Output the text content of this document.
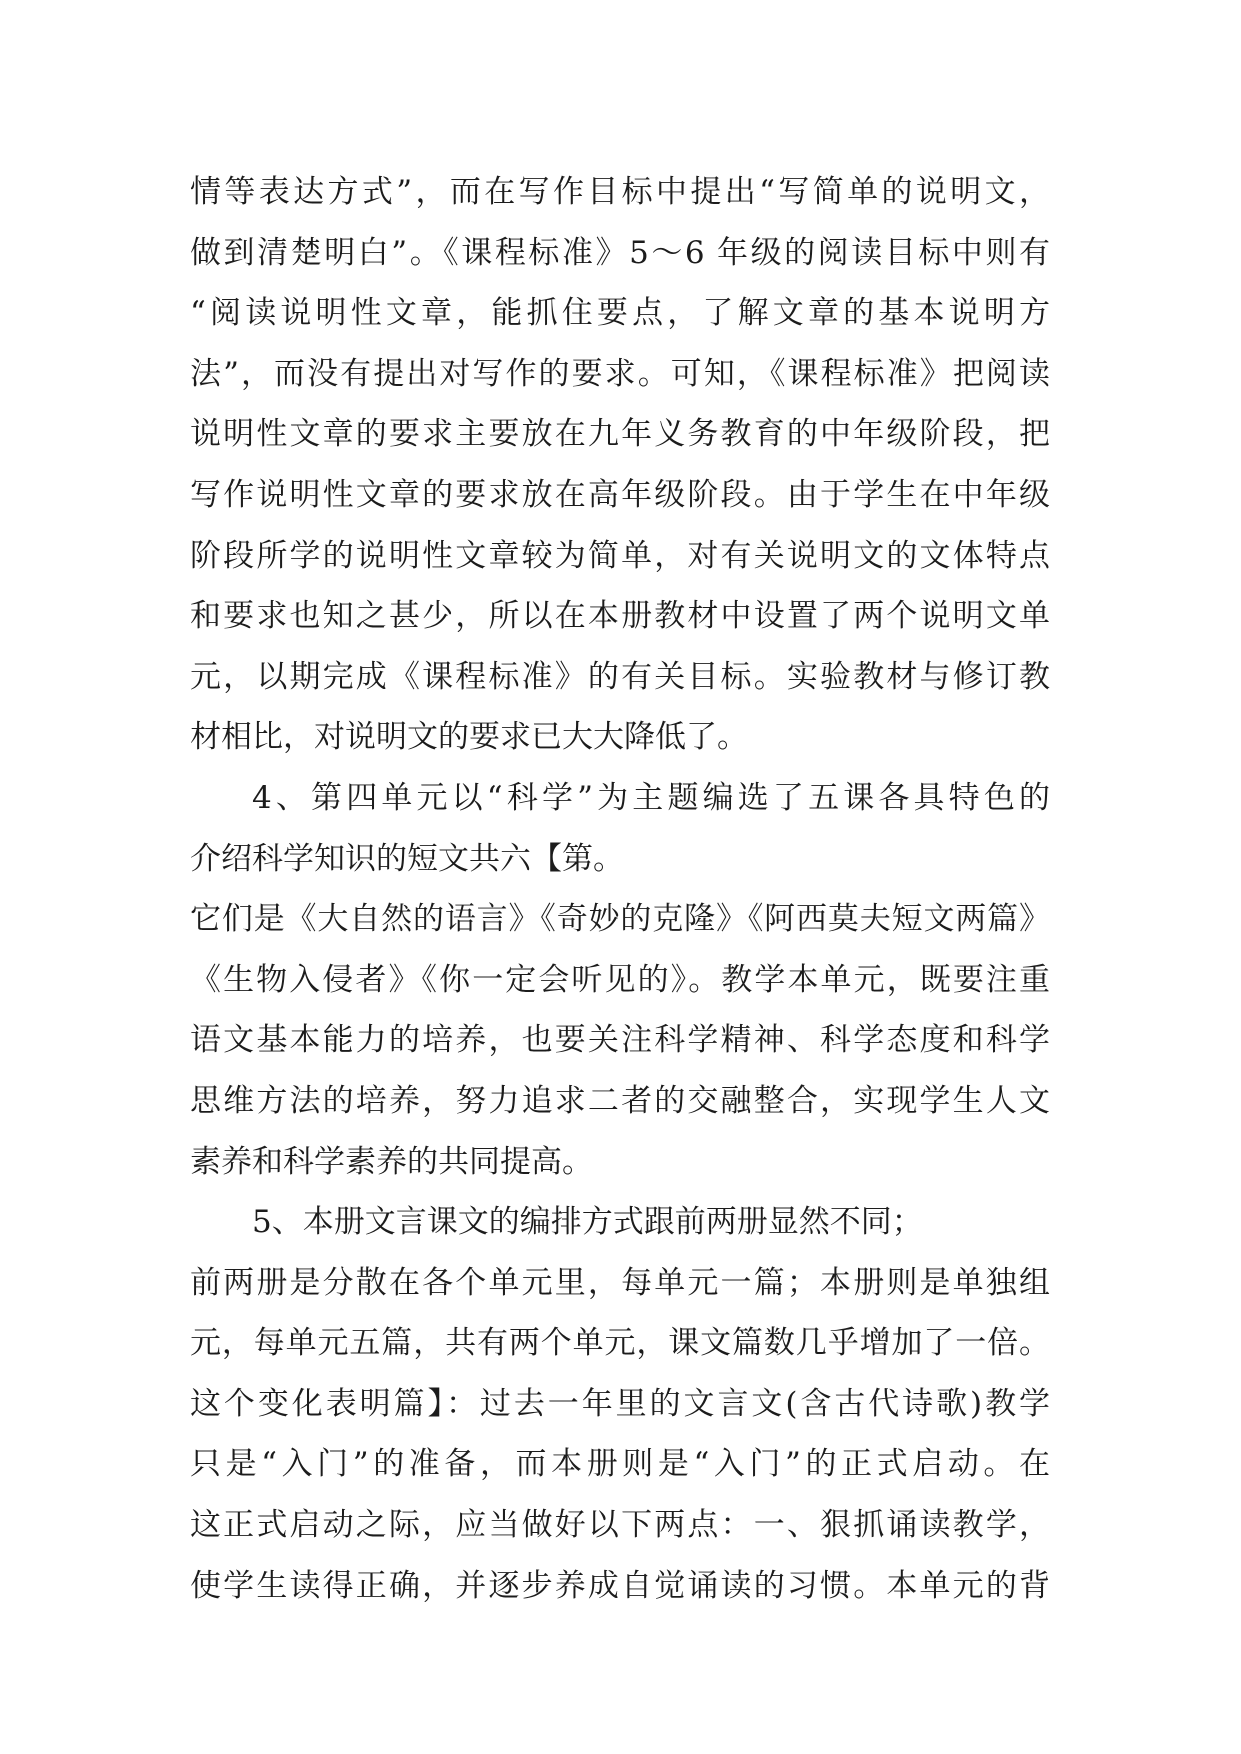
情等表达方式”，而在写作目标中提出“写简单的说明文，
做到清楚明白”。《课程标准》5～6 年级的阅读目标中则有
“阅读说明性文章，能抓住要点，了解文章的基本说明方
法”，而没有提出对写作的要求。可知，《课程标准》把阅读
说明性文章的要求主要放在九年义务教育的中年级阶段，把
写作说明性文章的要求放在高年级阶段。由于学生在中年级
阶段所学的说明性文章较为简单，对有关说明文的文体特点
和要求也知之甚少，所以在本册教材中设置了两个说明文单
元，以期完成《课程标准》的有关目标。实验教材与修订教
材相比，对说明文的要求已大大降低了。
4、第四单元以“科学”为主题编选了五课各具特色的
介绍科学知识的短文共六【第。
它们是《大自然的语言》《奇妙的克隆》《阿西莫夫短文两篇》
《生物入侵者》《你一定会听见的》。教学本单元，既要注重
语文基本能力的培养，也要关注科学精神、科学态度和科学
思维方法的培养，努力追求二者的交融整合，实现学生人文
素养和科学素养的共同提高。
5、本册文言课文的编排方式跟前两册显然不同；
前两册是分散在各个单元里，每单元一篇；本册则是单独组
元，每单元五篇，共有两个单元，课文篇数几乎增加了一倍。
这个变化表明篇】：过去一年里的文言文(含古代诗歌)教学
只是“入门”的准备，而本册则是“入门”的正式启动。在
这正式启动之际，应当做好以下两点：一、狠抓诵读教学，
使学生读得正确，并逐步养成自觉诵读的习惯。本单元的背
